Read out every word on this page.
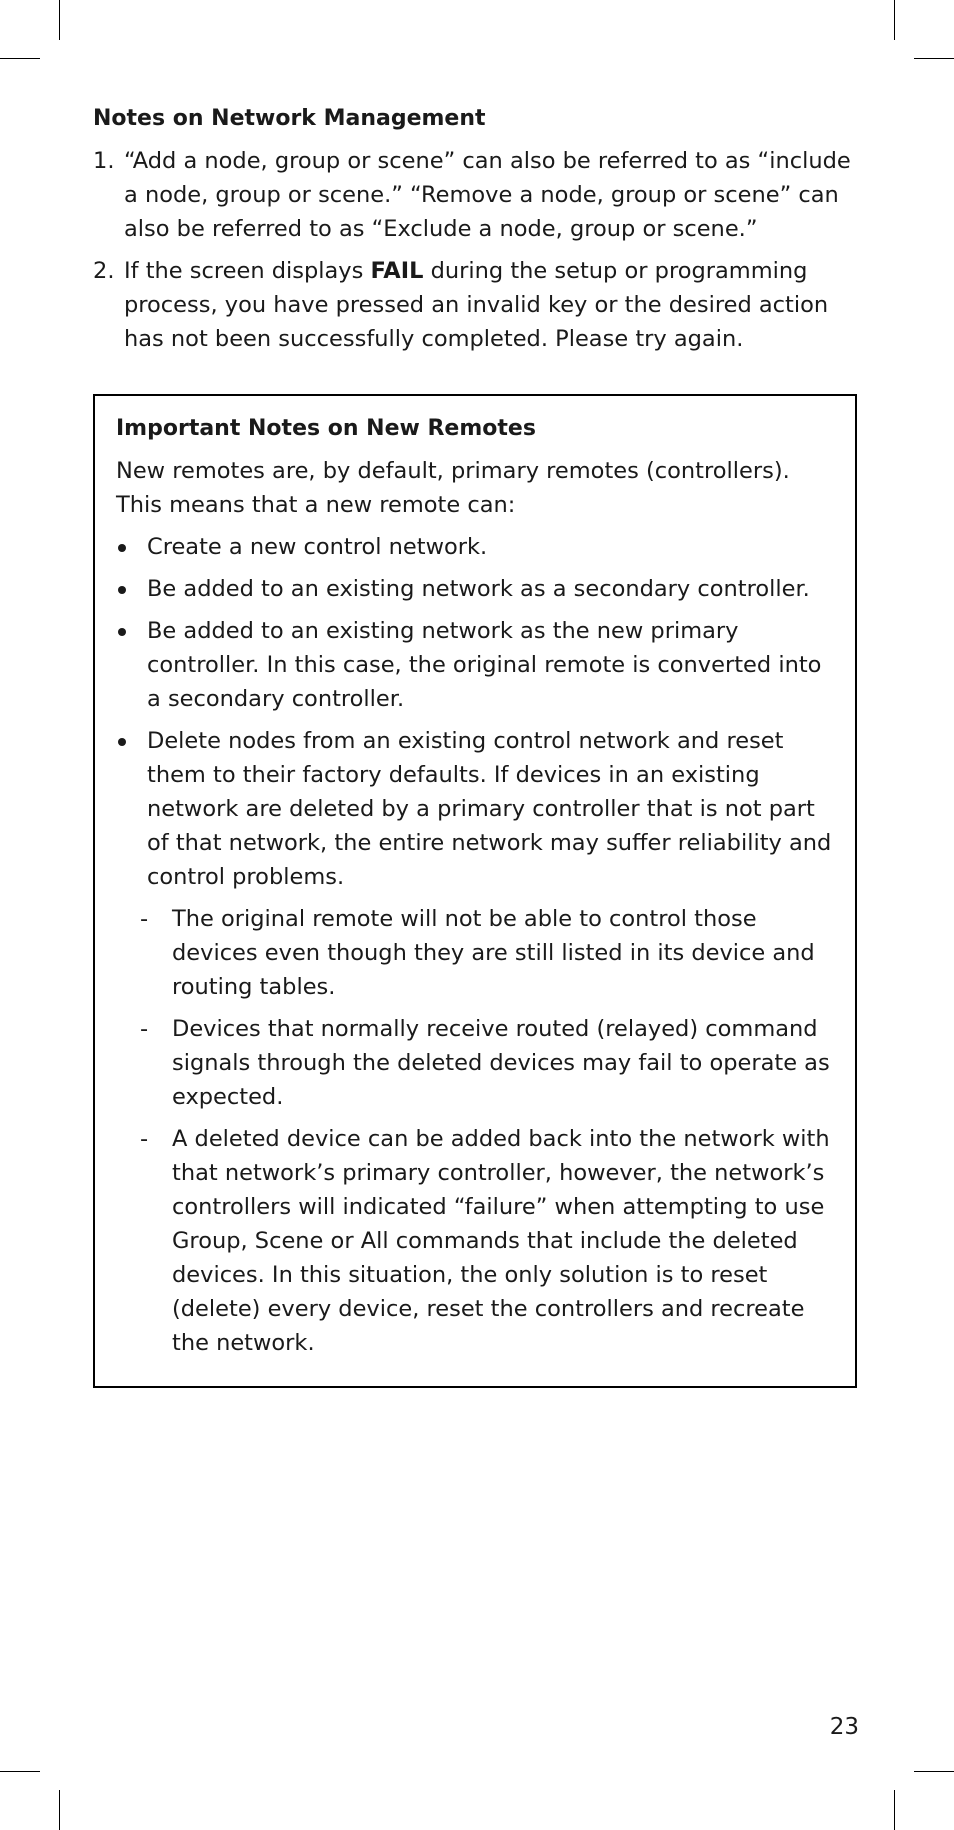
Notes on Network Management
1. “Add a node, group or scene” can also be referred to as “include a node, group or scene.” “Remove a node, group or scene” can also be referred to as “Exclude a node, group or scene.”
2. If the screen displays FAIL during the setup or programming process, you have pressed an invalid key or the desired action has not been successfully completed. Please try again.
Important Notes on New Remotes
New remotes are, by default, primary remotes (controllers). This means that a new remote can:
Create a new control network.
Be added to an existing network as a secondary controller.
Be added to an existing network as the new primary controller. In this case, the original remote is converted into a secondary controller.
Delete nodes from an existing control network and reset them to their factory defaults. If devices in an existing network are deleted by a primary controller that is not part of that network, the entire network may suffer reliability and control problems.
- The original remote will not be able to control those devices even though they are still listed in its device and routing tables.
- Devices that normally receive routed (relayed) command signals through the deleted devices may fail to operate as expected.
- A deleted device can be added back into the network with that network’s primary controller, however, the network’s controllers will indicated “failure” when attempting to use Group, Scene or All commands that include the deleted devices. In this situation, the only solution is to reset (delete) every device, reset the controllers and recreate the network.
23
